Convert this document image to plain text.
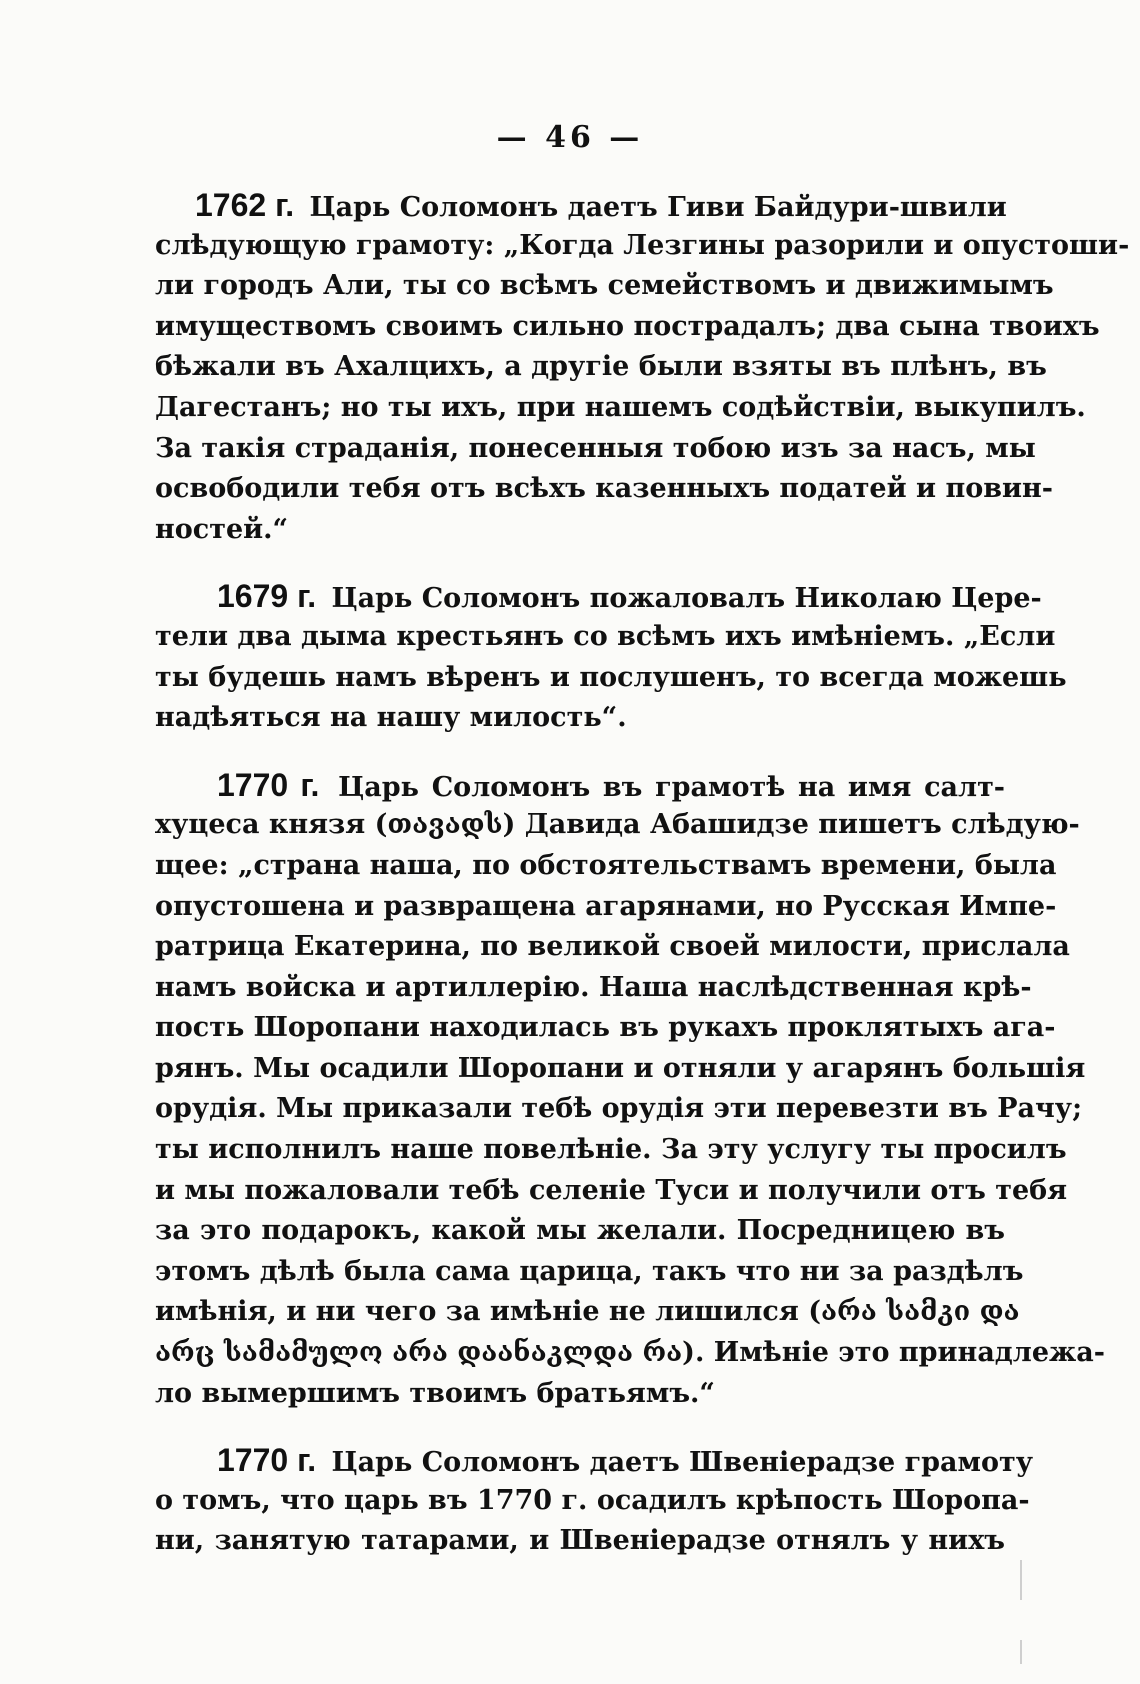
— 46 —
1762 г. Царь Соломонъ даетъ Гиви Байдури-швили
слѣдующую грамоту: „Когда Лезгины разорили и опустоши-
ли городъ Али, ты со всѣмъ семействомъ и движимымъ
имуществомъ своимъ сильно пострадалъ; два сына твоихъ
бѣжали въ Ахалцихъ, а другіе были взяты въ плѣнъ, въ
Дагестанъ; но ты ихъ, при нашемъ содѣйствіи, выкупилъ.
За такія страданія, понесенныя тобою изъ за насъ, мы
освободили тебя отъ всѣхъ казенныхъ податей и повин-
ностей.“
1679 г. Царь Соломонъ пожаловалъ Николаю Цере-
тели два дыма крестьянъ со всѣмъ ихъ имѣніемъ. „Если
ты будешь намъ вѣренъ и послушенъ, то всегда можешь
надѣяться на нашу милость“.
1770 г. Царь Соломонъ въ грамотѣ на имя салт-
хуцеса князя (თავადს) Давида Абашидзе пишетъ слѣдую-
щее: „страна наша, по обстоятельствамъ времени, была
опустошена и развращена агарянами, но Русская Импе-
ратрица Екатерина, по великой своей милости, прислала
намъ войска и артиллерію. Наша наслѣдственная крѣ-
пость Шоропани находилась въ рукахъ проклятыхъ ага-
рянъ. Мы осадили Шоропани и отняли у агарянъ большія
орудія. Мы приказали тебѣ орудія эти перевезти въ Рачу;
ты исполнилъ наше повелѣніе. За эту услугу ты просилъ
и мы пожаловали тебѣ селеніе Туси и получили отъ тебя
за это подарокъ, какой мы желали. Посредницею въ
этомъ дѣлѣ была сама царица, такъ что ни за раздѣлъ
имѣнія, и ни чего за имѣніе не лишился (არა სამკი და
არც სამამულო არა დაანაკლდა რა). Имѣніе это принадлежа-
ло вымершимъ твоимъ братьямъ.“
1770 г. Царь Соломонъ даетъ Швеніерадзе грамоту
о томъ, что царь въ 1770 г. осадилъ крѣпость Шоропа-
ни, занятую татарами, и Швеніерадзе отнялъ у нихъ
